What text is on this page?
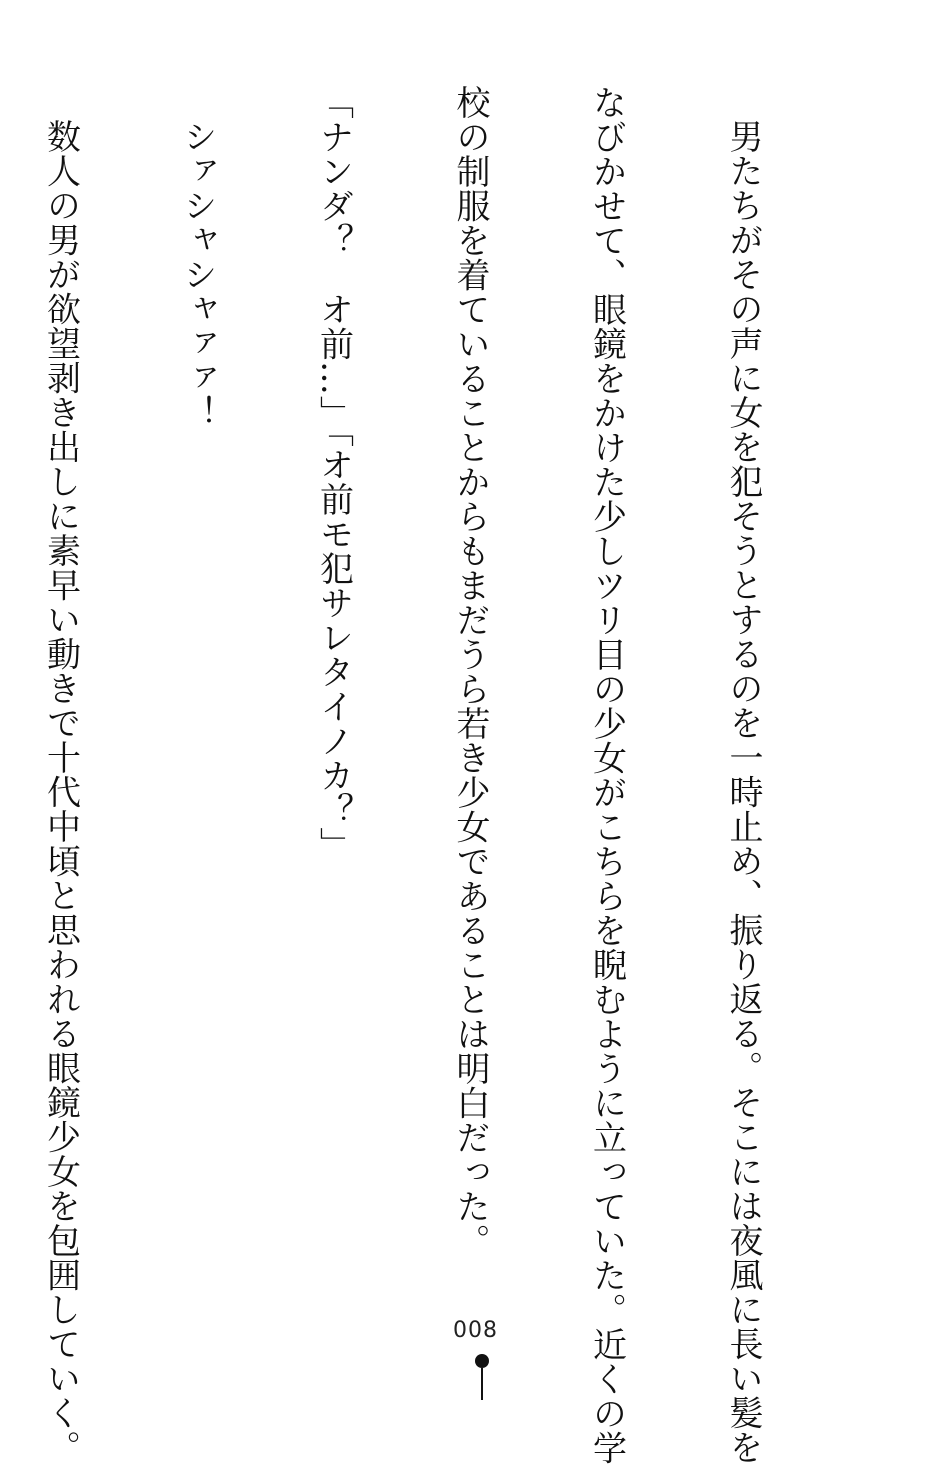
男たちがその声に女を犯そうとするのを一時止め、振り返る。そこには夜風に長い髪を

なびかせて、眼鏡をかけた少しツリ目の少女がこちらを睨むように立っていた。近くの学

校の制服を着ていることからもまだうら若き少女であることは明白だった。

「ナンダ？　オ前…」「オ前モ犯サレタイノカ？」

シァシャシャァァ！

数人の男が欲望剥き出しに素早い動きで十代中頃と思われる眼鏡少女を包囲していく。

	008
